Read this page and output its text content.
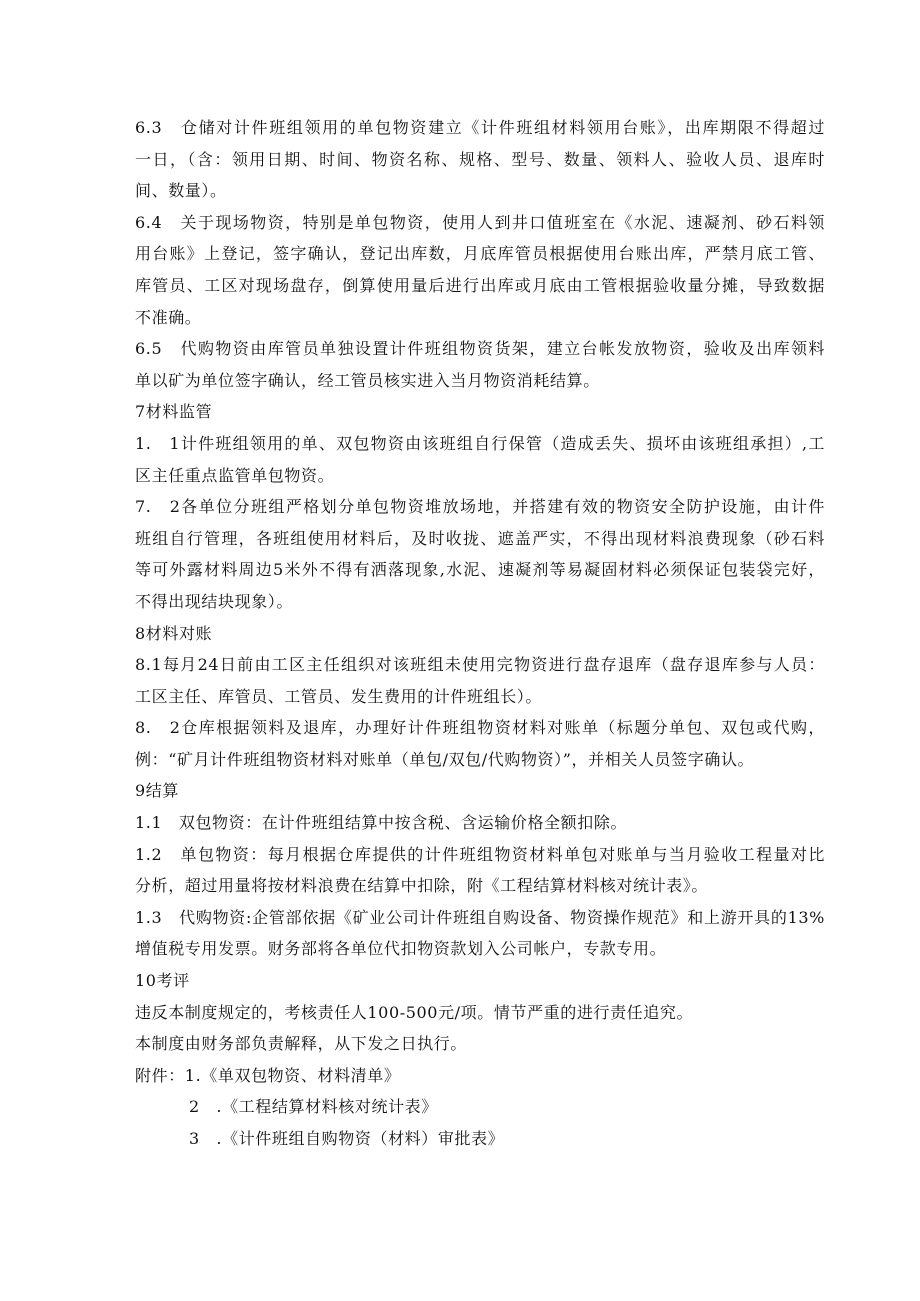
6.3　仓储对计件班组领用的单包物资建立《计件班组材料领用台账》，出库期限不得超过
一日，（含：领用日期、时间、物资名称、规格、型号、数量、领料人、验收人员、退库时
间、数量）。
6.4　关于现场物资，特别是单包物资，使用人到井口值班室在《水泥、速凝剂、砂石料领
用台账》上登记，签字确认，登记出库数，月底库管员根据使用台账出库，严禁月底工管、
库管员、工区对现场盘存，倒算使用量后进行出库或月底由工管根据验收量分摊，导致数据
不准确。
6.5　代购物资由库管员单独设置计件班组物资货架，建立台帐发放物资，验收及出库领料
单以矿为单位签字确认，经工管员核实进入当月物资消耗结算。
7材料监管
1.　1计件班组领用的单、双包物资由该班组自行保管（造成丢失、损坏由该班组承担）,工
区主任重点监管单包物资。
7.　2各单位分班组严格划分单包物资堆放场地，并搭建有效的物资安全防护设施，由计件
班组自行管理，各班组使用材料后，及时收拢、遮盖严实，不得出现材料浪费现象（砂石料
等可外露材料周边5米外不得有洒落现象,水泥、速凝剂等易凝固材料必须保证包装袋完好，
不得出现结块现象）。
8材料对账
8.1每月24日前由工区主任组织对该班组未使用完物资进行盘存退库（盘存退库参与人员：
工区主任、库管员、工管员、发生费用的计件班组长）。
8.　2仓库根据领料及退库，办理好计件班组物资材料对账单（标题分单包、双包或代购，
例：“矿月计件班组物资材料对账单（单包/双包/代购物资）”，并相关人员签字确认。
9结算
1.1　双包物资：在计件班组结算中按含税、含运输价格全额扣除。
1.2　单包物资：每月根据仓库提供的计件班组物资材料单包对账单与当月验收工程量对比
分析，超过用量将按材料浪费在结算中扣除，附《工程结算材料核对统计表》。
1.3　代购物资:企管部依据《矿业公司计件班组自购设备、物资操作规范》和上游开具的13%
增值税专用发票。财务部将各单位代扣物资款划入公司帐户，专款专用。
10考评
违反本制度规定的，考核责任人100-500元/项。情节严重的进行责任追究。
本制度由财务部负责解释，从下发之日执行。
附件：1.《单双包物资、材料清单》
2　.《工程结算材料核对统计表》
3　.《计件班组自购物资（材料）审批表》
